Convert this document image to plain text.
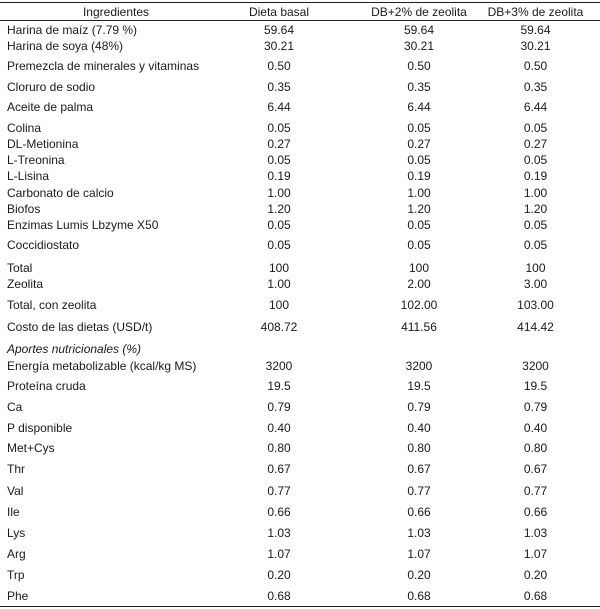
Ingredientes	Dieta basal	DB+2% de zeolita	DB+3% de zeolita
Harina de maíz (7.79 %)	59.64	59.64	59.64
Harina de soya (48%)	30.21	30.21	30.21
Premezcla de minerales y vitaminas	0.50	0.50	0.50
Cloruro de sodio	0.35	0.35	0.35
Aceite de palma	6.44	6.44	6.44
Colina	0.05	0.05	0.05
DL-Metionina	0.27	0.27	0.27
L-Treonina	0.05	0.05	0.05
L-Lisina	0.19	0.19	0.19
Carbonato de calcio	1.00	1.00	1.00
Biofos	1.20	1.20	1.20
Enzimas Lumis Lbzyme X50	0.05	0.05	0.05
Coccidiostato	0.05	0.05	0.05
Total	100	100	100
Zeolita	1.00	2.00	3.00
Total, con zeolita	100	102.00	103.00
Costo de las dietas (USD/t)	408.72	411.56	414.42
Aportes nutricionales (%)
Energía metabolizable (kcal/kg MS)	3200	3200	3200
Proteína cruda	19.5	19.5	19.5
Ca	0.79	0.79	0.79
P disponible	0.40	0.40	0.40
Met+Cys	0.80	0.80	0.80
Thr	0.67	0.67	0.67
Val	0.77	0.77	0.77
Ile	0.66	0.66	0.66
Lys	1.03	1.03	1.03
Arg	1.07	1.07	1.07
Trp	0.20	0.20	0.20
Phe	0.68	0.68	0.68
